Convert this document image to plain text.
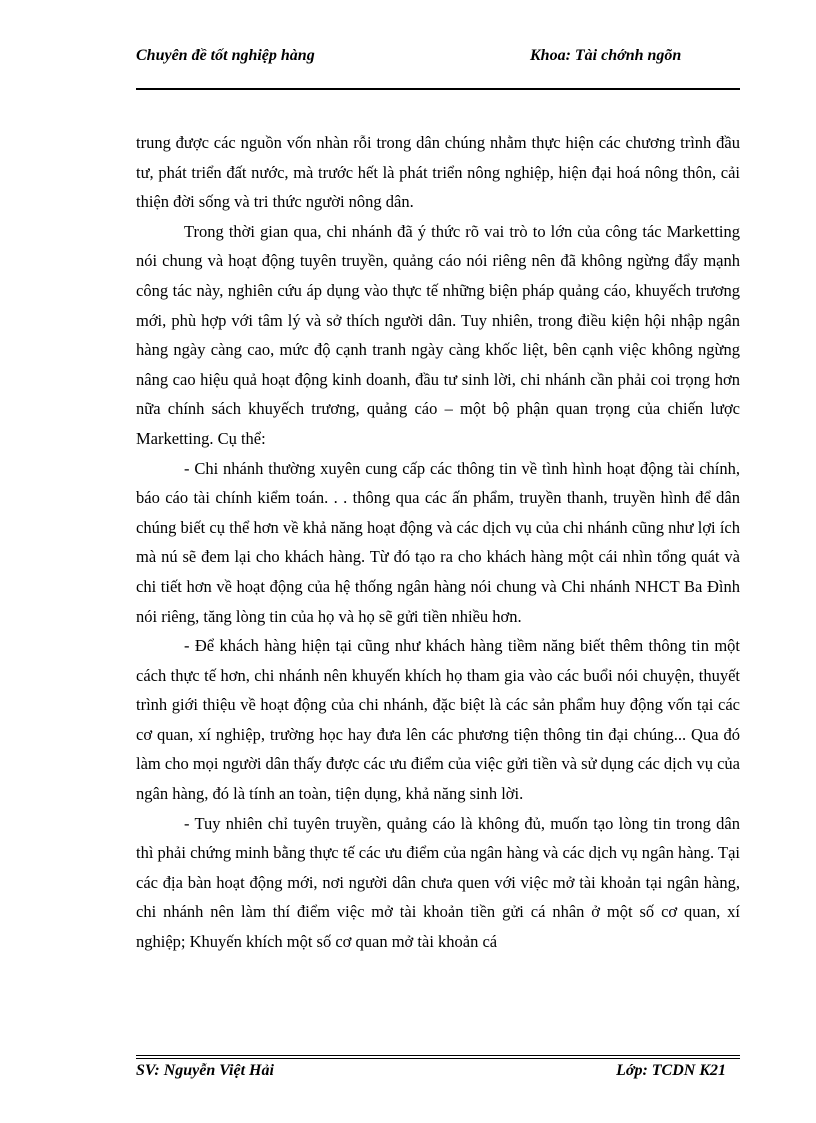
Chuyên đề tốt nghiệp hàng	Khoa: Tài chớnh ngõn

trung được các nguồn vốn nhàn rỗi trong dân chúng nhằm thực hiện các chương trình đầu tư, phát triển đất nước, mà trước hết là phát triển nông nghiệp, hiện đại hoá nông thôn, cải thiện đời sống và tri thức người nông dân.

Trong thời gian qua, chi nhánh đã ý thức rõ vai trò to lớn của công tác Marketting nói chung và hoạt động tuyên truyền, quảng cáo nói riêng nên đã không ngừng đẩy mạnh công tác này, nghiên cứu áp dụng vào thực tế những biện pháp quảng cáo, khuyếch trương mới, phù hợp với tâm lý và sở thích người dân. Tuy nhiên, trong điều kiện hội nhập ngân hàng ngày càng cao, mức độ cạnh tranh ngày càng khốc liệt, bên cạnh việc không ngừng nâng cao hiệu quả hoạt động kinh doanh, đầu tư sinh lời, chi nhánh cần phải coi trọng hơn nữa chính sách khuyếch trương, quảng cáo – một bộ phận quan trọng của chiến lược Marketting. Cụ thể:

- Chi nhánh thường xuyên cung cấp các thông tin về tình hình hoạt động tài chính, báo cáo tài chính kiểm toán. . . thông qua các ấn phẩm, truyền thanh, truyền hình để dân chúng biết cụ thể hơn về khả năng hoạt động và các dịch vụ của chi nhánh cũng như lợi ích mà nú sẽ đem lại cho khách hàng. Từ đó tạo ra cho khách hàng một cái nhìn tổng quát và chi tiết hơn về hoạt động của hệ thống ngân hàng nói chung và Chi nhánh NHCT Ba Đình nói riêng, tăng lòng tin của họ và họ sẽ gửi tiền nhiều hơn.

- Để khách hàng hiện tại cũng như khách hàng tiềm năng biết thêm thông tin một cách thực tế hơn, chi nhánh nên khuyến khích họ tham gia vào các buổi nói chuyện, thuyết trình giới thiệu về hoạt động của chi nhánh, đặc biệt là các sản phẩm huy động vốn tại các cơ quan, xí nghiệp, trường học hay đưa lên các phương tiện thông tin đại chúng... Qua đó làm cho mọi người dân thấy được các ưu điểm của việc gửi tiền và sử dụng các dịch vụ của ngân hàng, đó là tính an toàn, tiện dụng, khả năng sinh lời.

- Tuy nhiên chỉ tuyên truyền, quảng cáo là không đủ, muốn tạo lòng tin trong dân thì phải chứng minh bằng thực tế các ưu điểm của ngân hàng và các dịch vụ ngân hàng. Tại các địa bàn hoạt động mới, nơi người dân chưa quen với việc mở tài khoản tại ngân hàng, chi nhánh nên làm thí điểm việc mở tài khoản tiền gửi cá nhân ở một số cơ quan, xí nghiệp; Khuyến khích một số cơ quan mở tài khoản cá

SV: Nguyễn Việt Hải	Lớp: TCDN K21
